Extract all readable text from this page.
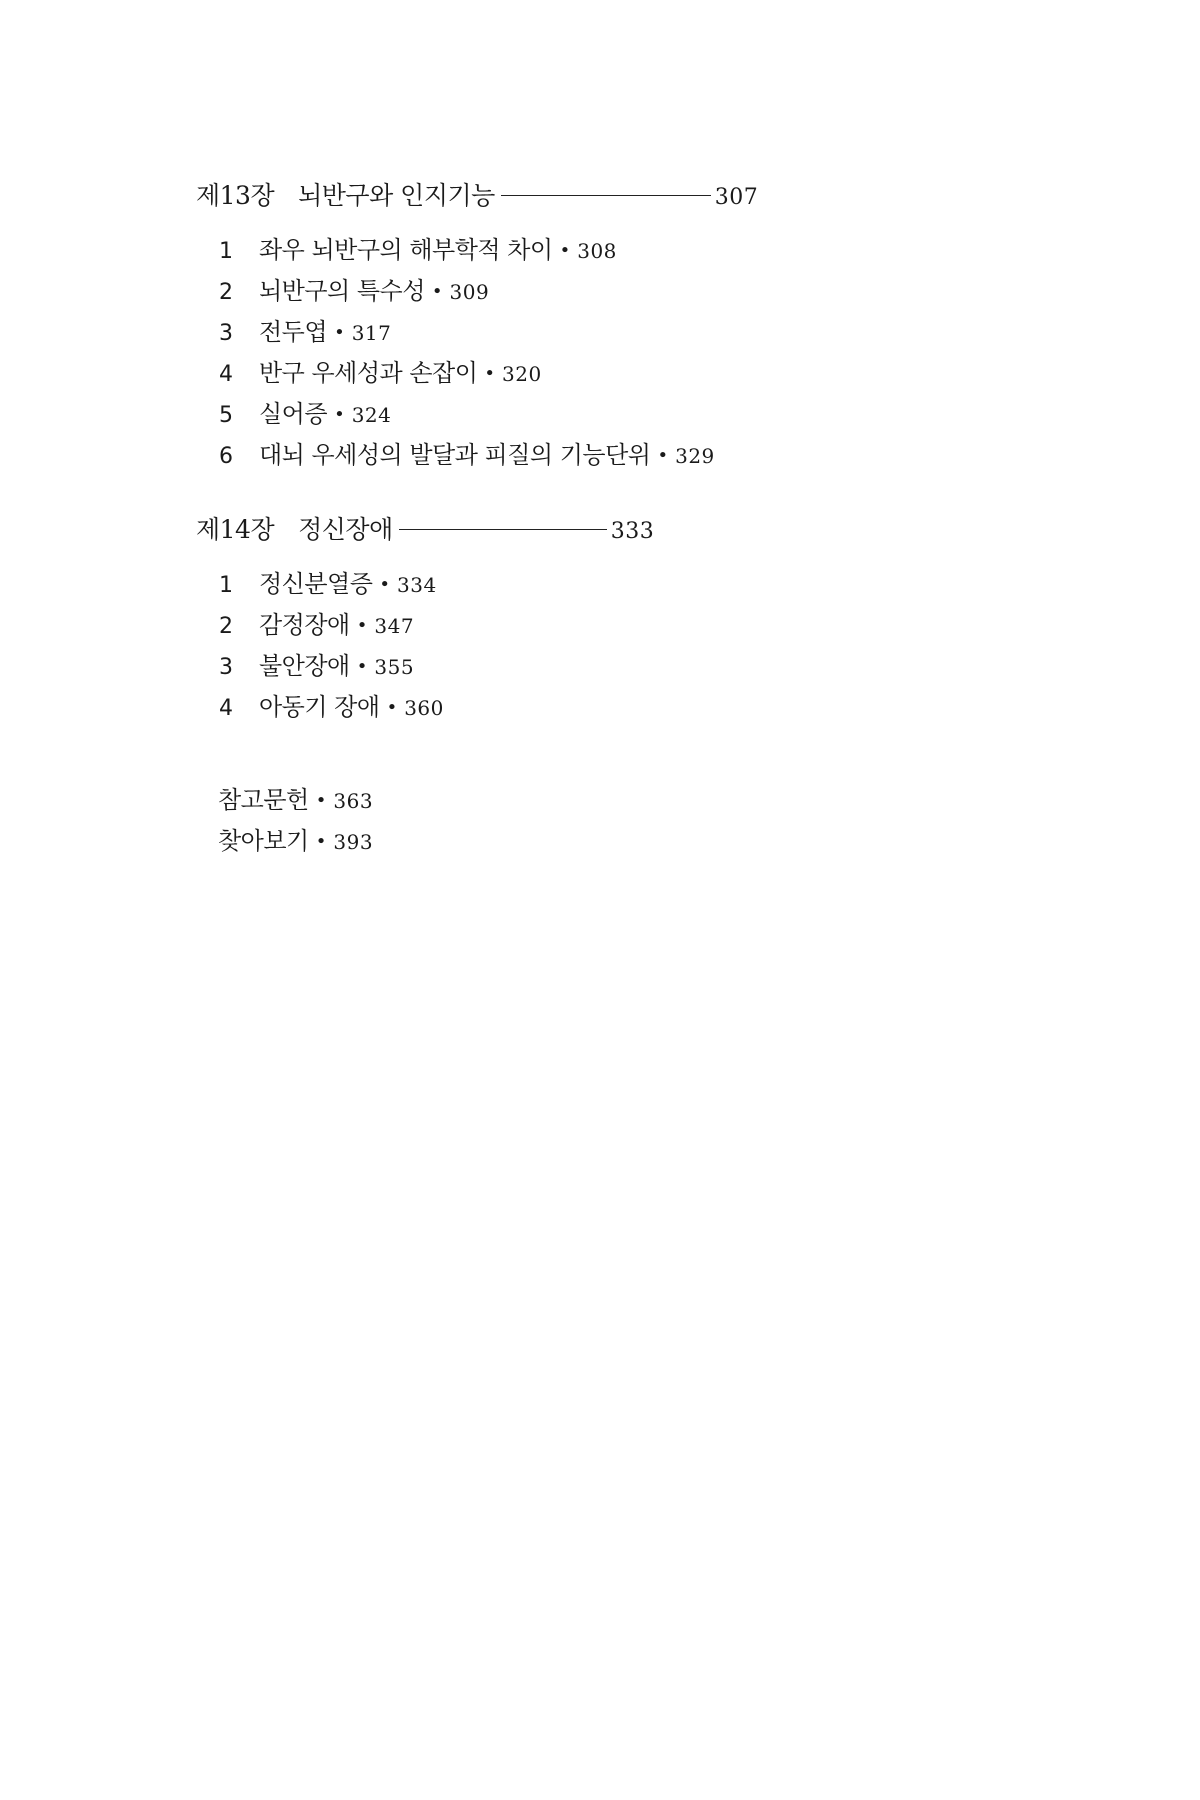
제13장 뇌반구와 인지기능	307
1	좌우 뇌반구의 해부학적 차이 • 308
2	뇌반구의 특수성 • 309
3	전두엽 • 317
4	반구 우세성과 손잡이 • 320
5	실어증 • 324
6	대뇌 우세성의 발달과 피질의 기능단위 • 329
제14장 정신장애	333
1	정신분열증 • 334
2	감정장애 • 347
3	불안장애 • 355
4	아동기 장애 • 360
참고문헌 • 363
찾아보기 • 393
